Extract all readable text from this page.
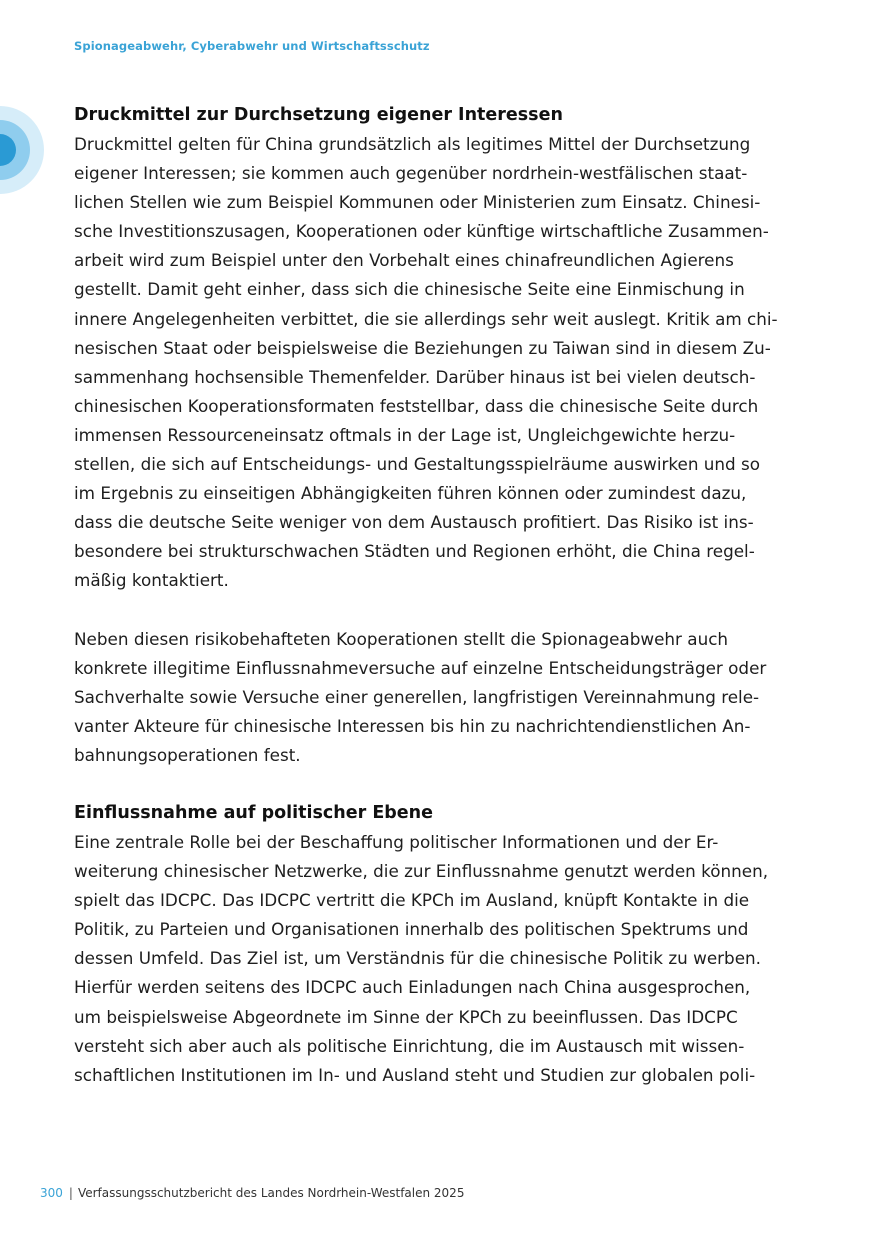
Spionageabwehr, Cyberabwehr und Wirtschaftsschutz
Druckmittel zur Durchsetzung eigener Interessen

Druckmittel gelten für China grundsätzlich als legitimes Mittel der Durchsetzung
eigener Interessen; sie kommen auch gegenüber nordrhein-westfälischen staat-
lichen Stellen wie zum Beispiel Kommunen oder Ministerien zum Einsatz. Chinesi-
sche Investitionszusagen, Kooperationen oder künftige wirtschaftliche Zusammen-
arbeit wird zum Beispiel unter den Vorbehalt eines chinafreundlichen Agierens
gestellt. Damit geht einher, dass sich die chinesische Seite eine Einmischung in
innere Angelegenheiten verbittet, die sie allerdings sehr weit auslegt. Kritik am chi-
nesischen Staat oder beispielsweise die Beziehungen zu Taiwan sind in diesem Zu-
sammenhang hochsensible Themenfelder. Darüber hinaus ist bei vielen deutsch-
chinesischen Kooperationsformaten feststellbar, dass die chinesische Seite durch
immensen Ressourceneinsatz oftmals in der Lage ist, Ungleichgewichte herzu-
stellen, die sich auf Entscheidungs- und Gestaltungsspielräume auswirken und so
im Ergebnis zu einseitigen Abhängigkeiten führen können oder zumindest dazu,
dass die deutsche Seite weniger von dem Austausch profitiert. Das Risiko ist ins-
besondere bei strukturschwachen Städten und Regionen erhöht, die China regel-
mäßig kontaktiert.

Neben diesen risikobehafteten Kooperationen stellt die Spionageabwehr auch
konkrete illegitime Einflussnahmeversuche auf einzelne Entscheidungsträger oder
Sachverhalte sowie Versuche einer generellen, langfristigen Vereinnahmung rele-
vanter Akteure für chinesische Interessen bis hin zu nachrichtendienstlichen An-
bahnungsoperationen fest.

Einflussnahme auf politischer Ebene

Eine zentrale Rolle bei der Beschaffung politischer Informationen und der Er-
weiterung chinesischer Netzwerke, die zur Einflussnahme genutzt werden können,
spielt das IDCPC. Das IDCPC vertritt die KPCh im Ausland, knüpft Kontakte in die
Politik, zu Parteien und Organisationen innerhalb des politischen Spektrums und
dessen Umfeld. Das Ziel ist, um Verständnis für die chinesische Politik zu werben.
Hierfür werden seitens des IDCPC auch Einladungen nach China ausgesprochen,
um beispielsweise Abgeordnete im Sinne der KPCh zu beeinflussen. Das IDCPC
versteht sich aber auch als politische Einrichtung, die im Austausch mit wissen-
schaftlichen Institutionen im In- und Ausland steht und Studien zur globalen poli-

300 | Verfassungsschutzbericht des Landes Nordrhein-Westfalen 2025
